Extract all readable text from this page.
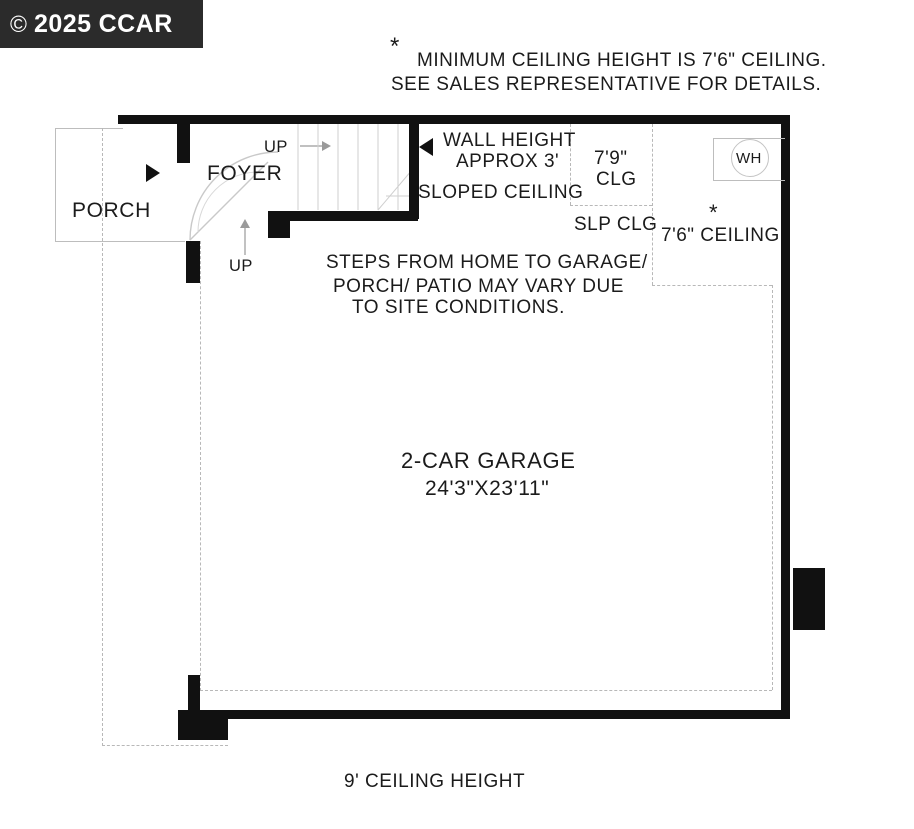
© 2025 CCAR
*
MINIMUM CEILING HEIGHT IS 7'6" CEILING.
SEE SALES REPRESENTATIVE FOR DETAILS.
WH
PORCH
FOYER
UP
UP
WALL HEIGHT
APPROX 3'
SLOPED CEILING
7'9"
CLG
SLP CLG *
7'6" CEILING
STEPS FROM HOME TO GARAGE/
PORCH/ PATIO MAY VARY DUE
TO SITE CONDITIONS.
2-CAR GARAGE
24'3"X23'11"
9' CEILING HEIGHT
